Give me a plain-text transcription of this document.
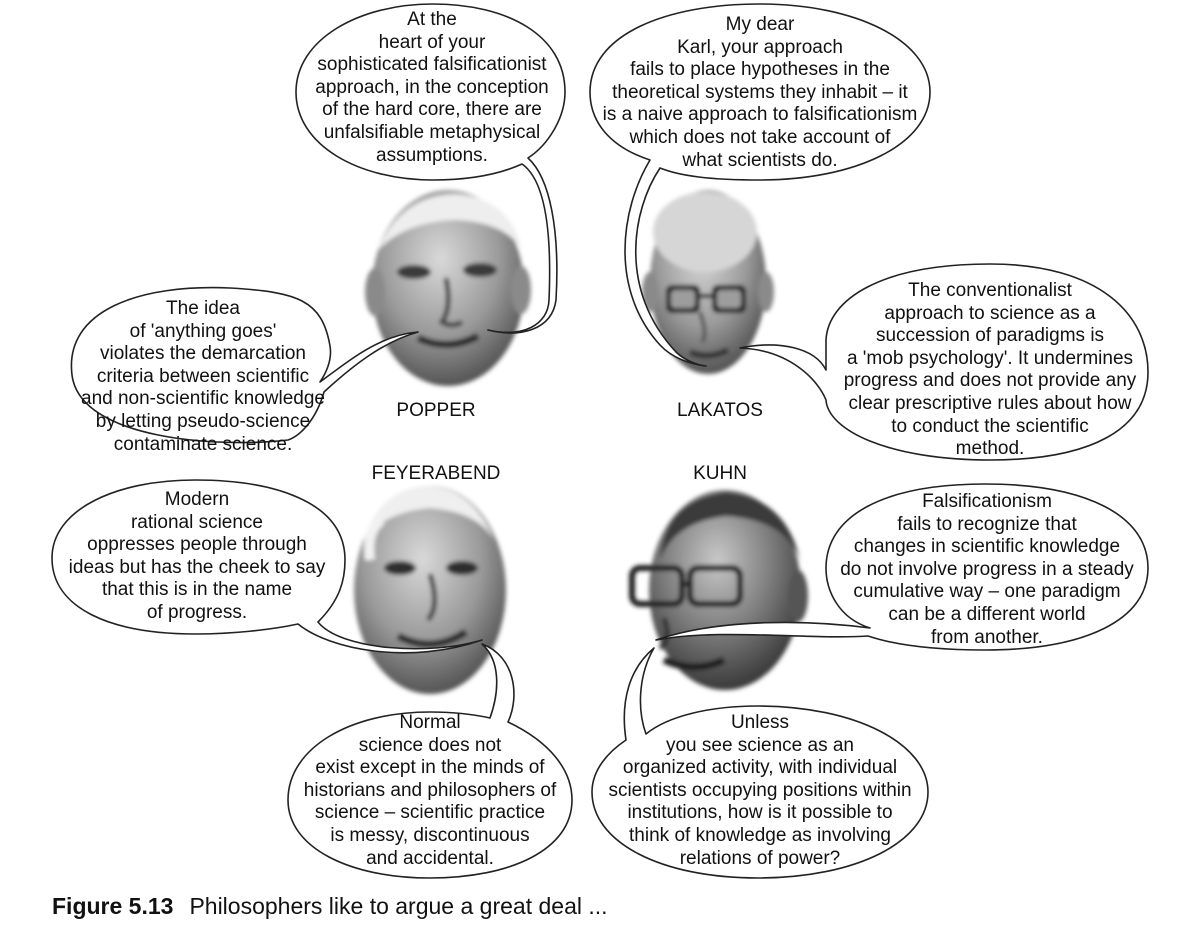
At the
heart of your
sophisticated falsificationist
approach, in the conception
of the hard core, there are
unfalsifiable metaphysical
assumptions.
My dear
Karl, your approach
fails to place hypotheses in the
theoretical systems they inhabit – it
is a naive approach to falsificationism
which does not take account of
what scientists do.
The idea
of 'anything goes'
violates the demarcation
criteria between scientific
and non-scientific knowledge
by letting pseudo-science
contaminate science.
The conventionalist
approach to science as a
succession of paradigms is
a 'mob psychology'. It undermines
progress and does not provide any
clear prescriptive rules about how
to conduct the scientific
method.
Modern
rational science
oppresses people through
ideas but has the cheek to say
that this is in the name
of progress.
Falsificationism
fails to recognize that
changes in scientific knowledge
do not involve progress in a steady
cumulative way – one paradigm
can be a different world
from another.
Normal
science does not
exist except in the minds of
historians and philosophers of
science – scientific practice
is messy, discontinuous
and accidental.
Unless
you see science as an
organized activity, with individual
scientists occupying positions within
institutions, how is it possible to
think of knowledge as involving
relations of power?
POPPER	LAKATOS
FEYERABEND	KUHN
Figure 5.13 Philosophers like to argue a great deal ...
